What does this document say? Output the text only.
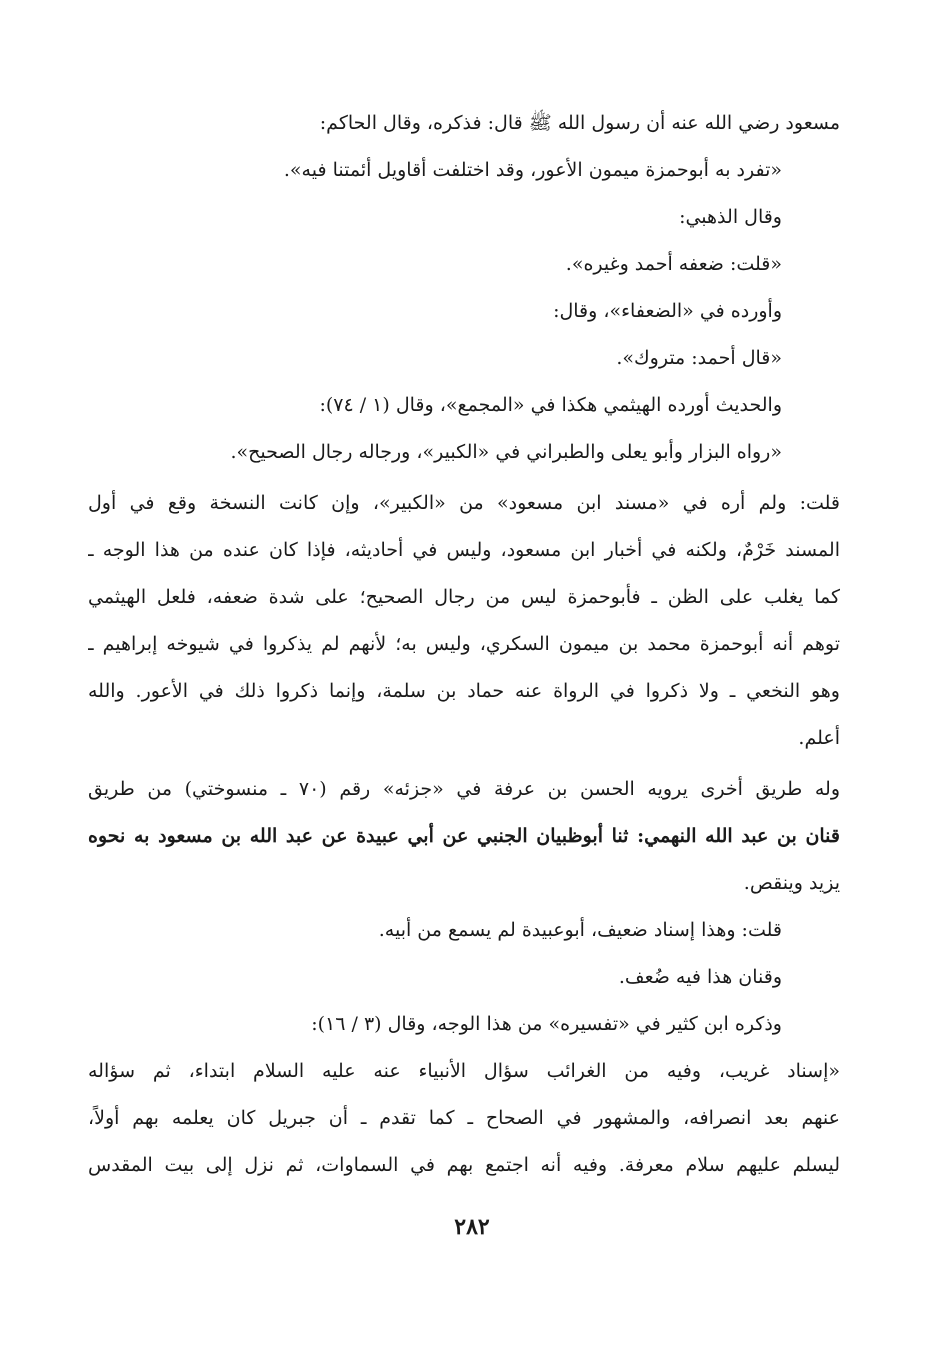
مسعود رضي الله عنه أن رسول الله ﷺ قال: فذكره، وقال الحاكم:
«تفرد به أبوحمزة ميمون الأعور، وقد اختلفت أقاويل أئمتنا فيه».
وقال الذهبي:
«قلت: ضعفه أحمد وغيره».
وأورده في «الضعفاء»، وقال:
«قال أحمد: متروك».
والحديث أورده الهيثمي هكذا في «المجمع»، وقال (١ / ٧٤):
«رواه البزار وأبو يعلى والطبراني في «الكبير»، ورجاله رجال الصحيح».
قلت: ولم أره في «مسند ابن مسعود» من «الكبير»، وإن كانت النسخة وقع في أول
المسند خَرْمٌ، ولكنه في أخبار ابن مسعود، وليس في أحاديثه، فإذا كان عنده من هذا الوجه ـ
كما يغلب على الظن ـ فأبوحمزة ليس من رجال الصحيح؛ على شدة ضعفه، فلعل الهيثمي
توهم أنه أبوحمزة محمد بن ميمون السكري، وليس به؛ لأنهم لم يذكروا في شيوخه إبراهيم ـ
وهو النخعي ـ ولا ذكروا في الرواة عنه حماد بن سلمة، وإنما ذكروا ذلك في الأعور. والله
أعلم.
وله طريق أخرى يرويه الحسن بن عرفة في «جزئه» رقم (٧٠ ـ منسوختي) من طريق
قنان بن عبد الله النهمي: ثنا أبوظبيان الجنبي عن أبي عبيدة عن عبد الله بن مسعود به نحوه
يزيد وينقص.
قلت: وهذا إسناد ضعيف، أبوعبيدة لم يسمع من أبيه.
وقنان هذا فيه ضُعف.
وذكره ابن كثير في «تفسيره» من هذا الوجه، وقال (٣ / ١٦):
«إسناد غريب، وفيه من الغرائب سؤال الأنبياء عنه عليه السلام ابتداء، ثم سؤاله
عنهم بعد انصرافه، والمشهور في الصحاح ـ كما تقدم ـ أن جبريل كان يعلمه بهم أولاً،
ليسلم عليهم سلام معرفة. وفيه أنه اجتمع بهم في السماوات، ثم نزل إلى بيت المقدس
٢٨٢
